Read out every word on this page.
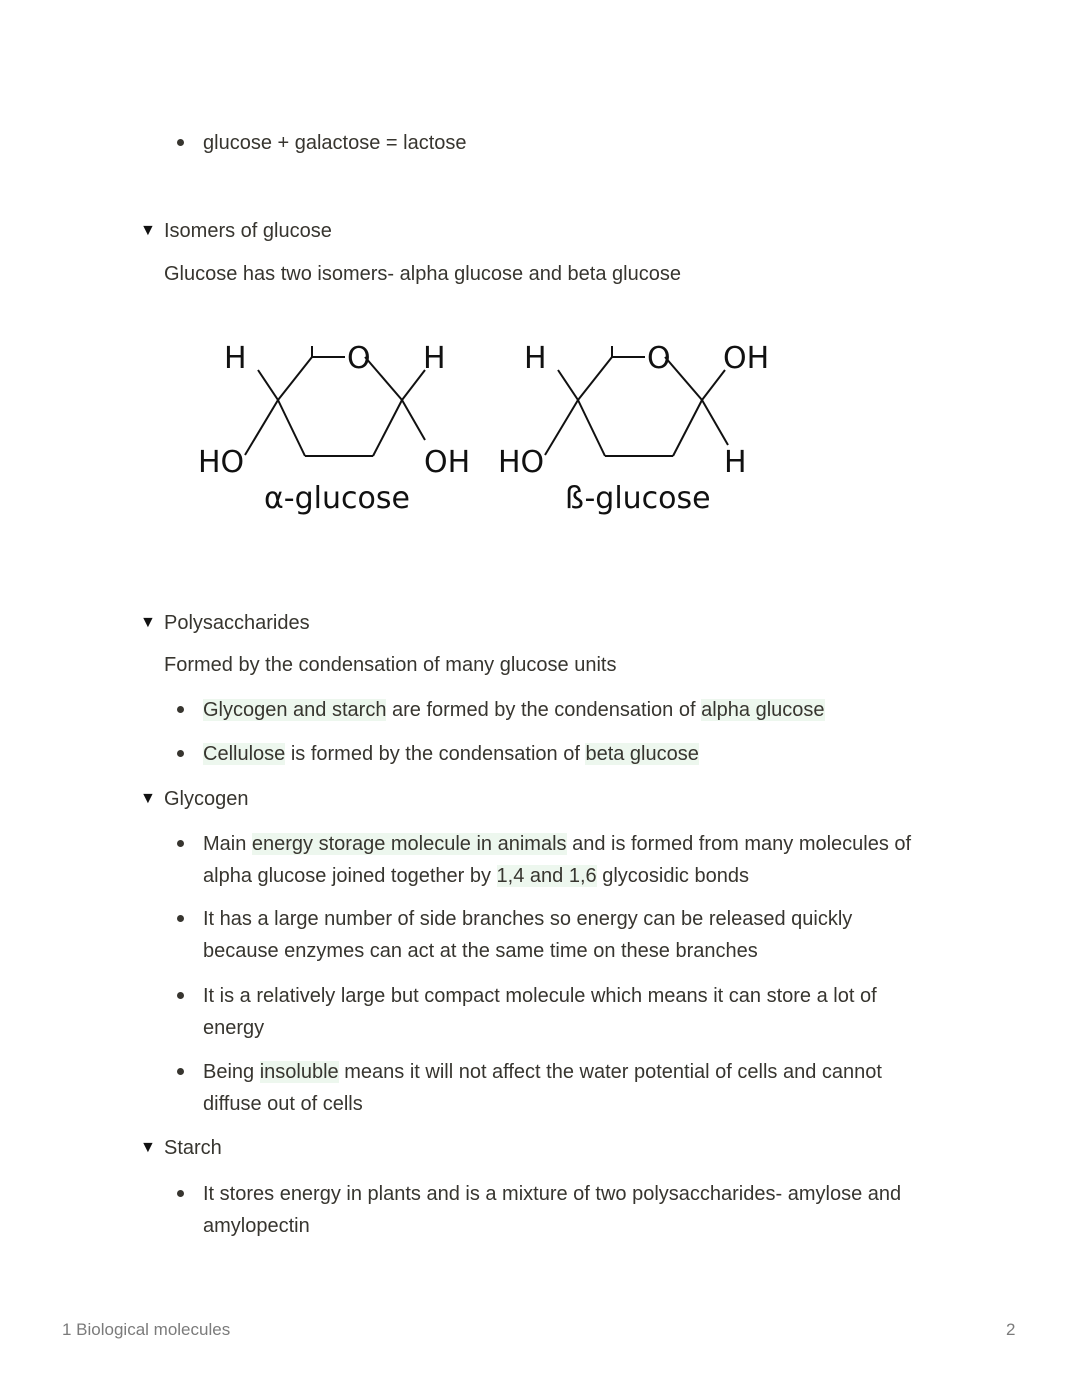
glucose + galactose = lactose
▼ Isomers of glucose
Glucose has two isomers- alpha glucose and beta glucose
H	O H
HO	OH
H	O OH
HO	H
α-glucose	ß-glucose
▼ Polysaccharides
Formed by the condensation of many glucose units
Glycogen and starch are formed by the condensation of alpha glucose
Cellulose is formed by the condensation of beta glucose
▼ Glycogen
Main energy storage molecule in animals and is formed from many molecules of alpha glucose joined together by 1,4 and 1,6 glycosidic bonds
It has a large number of side branches so energy can be released quickly because enzymes can act at the same time on these branches
It is a relatively large but compact molecule which means it can store a lot of energy
Being insoluble means it will not affect the water potential of cells and cannot diffuse out of cells
▼ Starch
It stores energy in plants and is a mixture of two polysaccharides- amylose and amylopectin
1 Biological molecules	2
